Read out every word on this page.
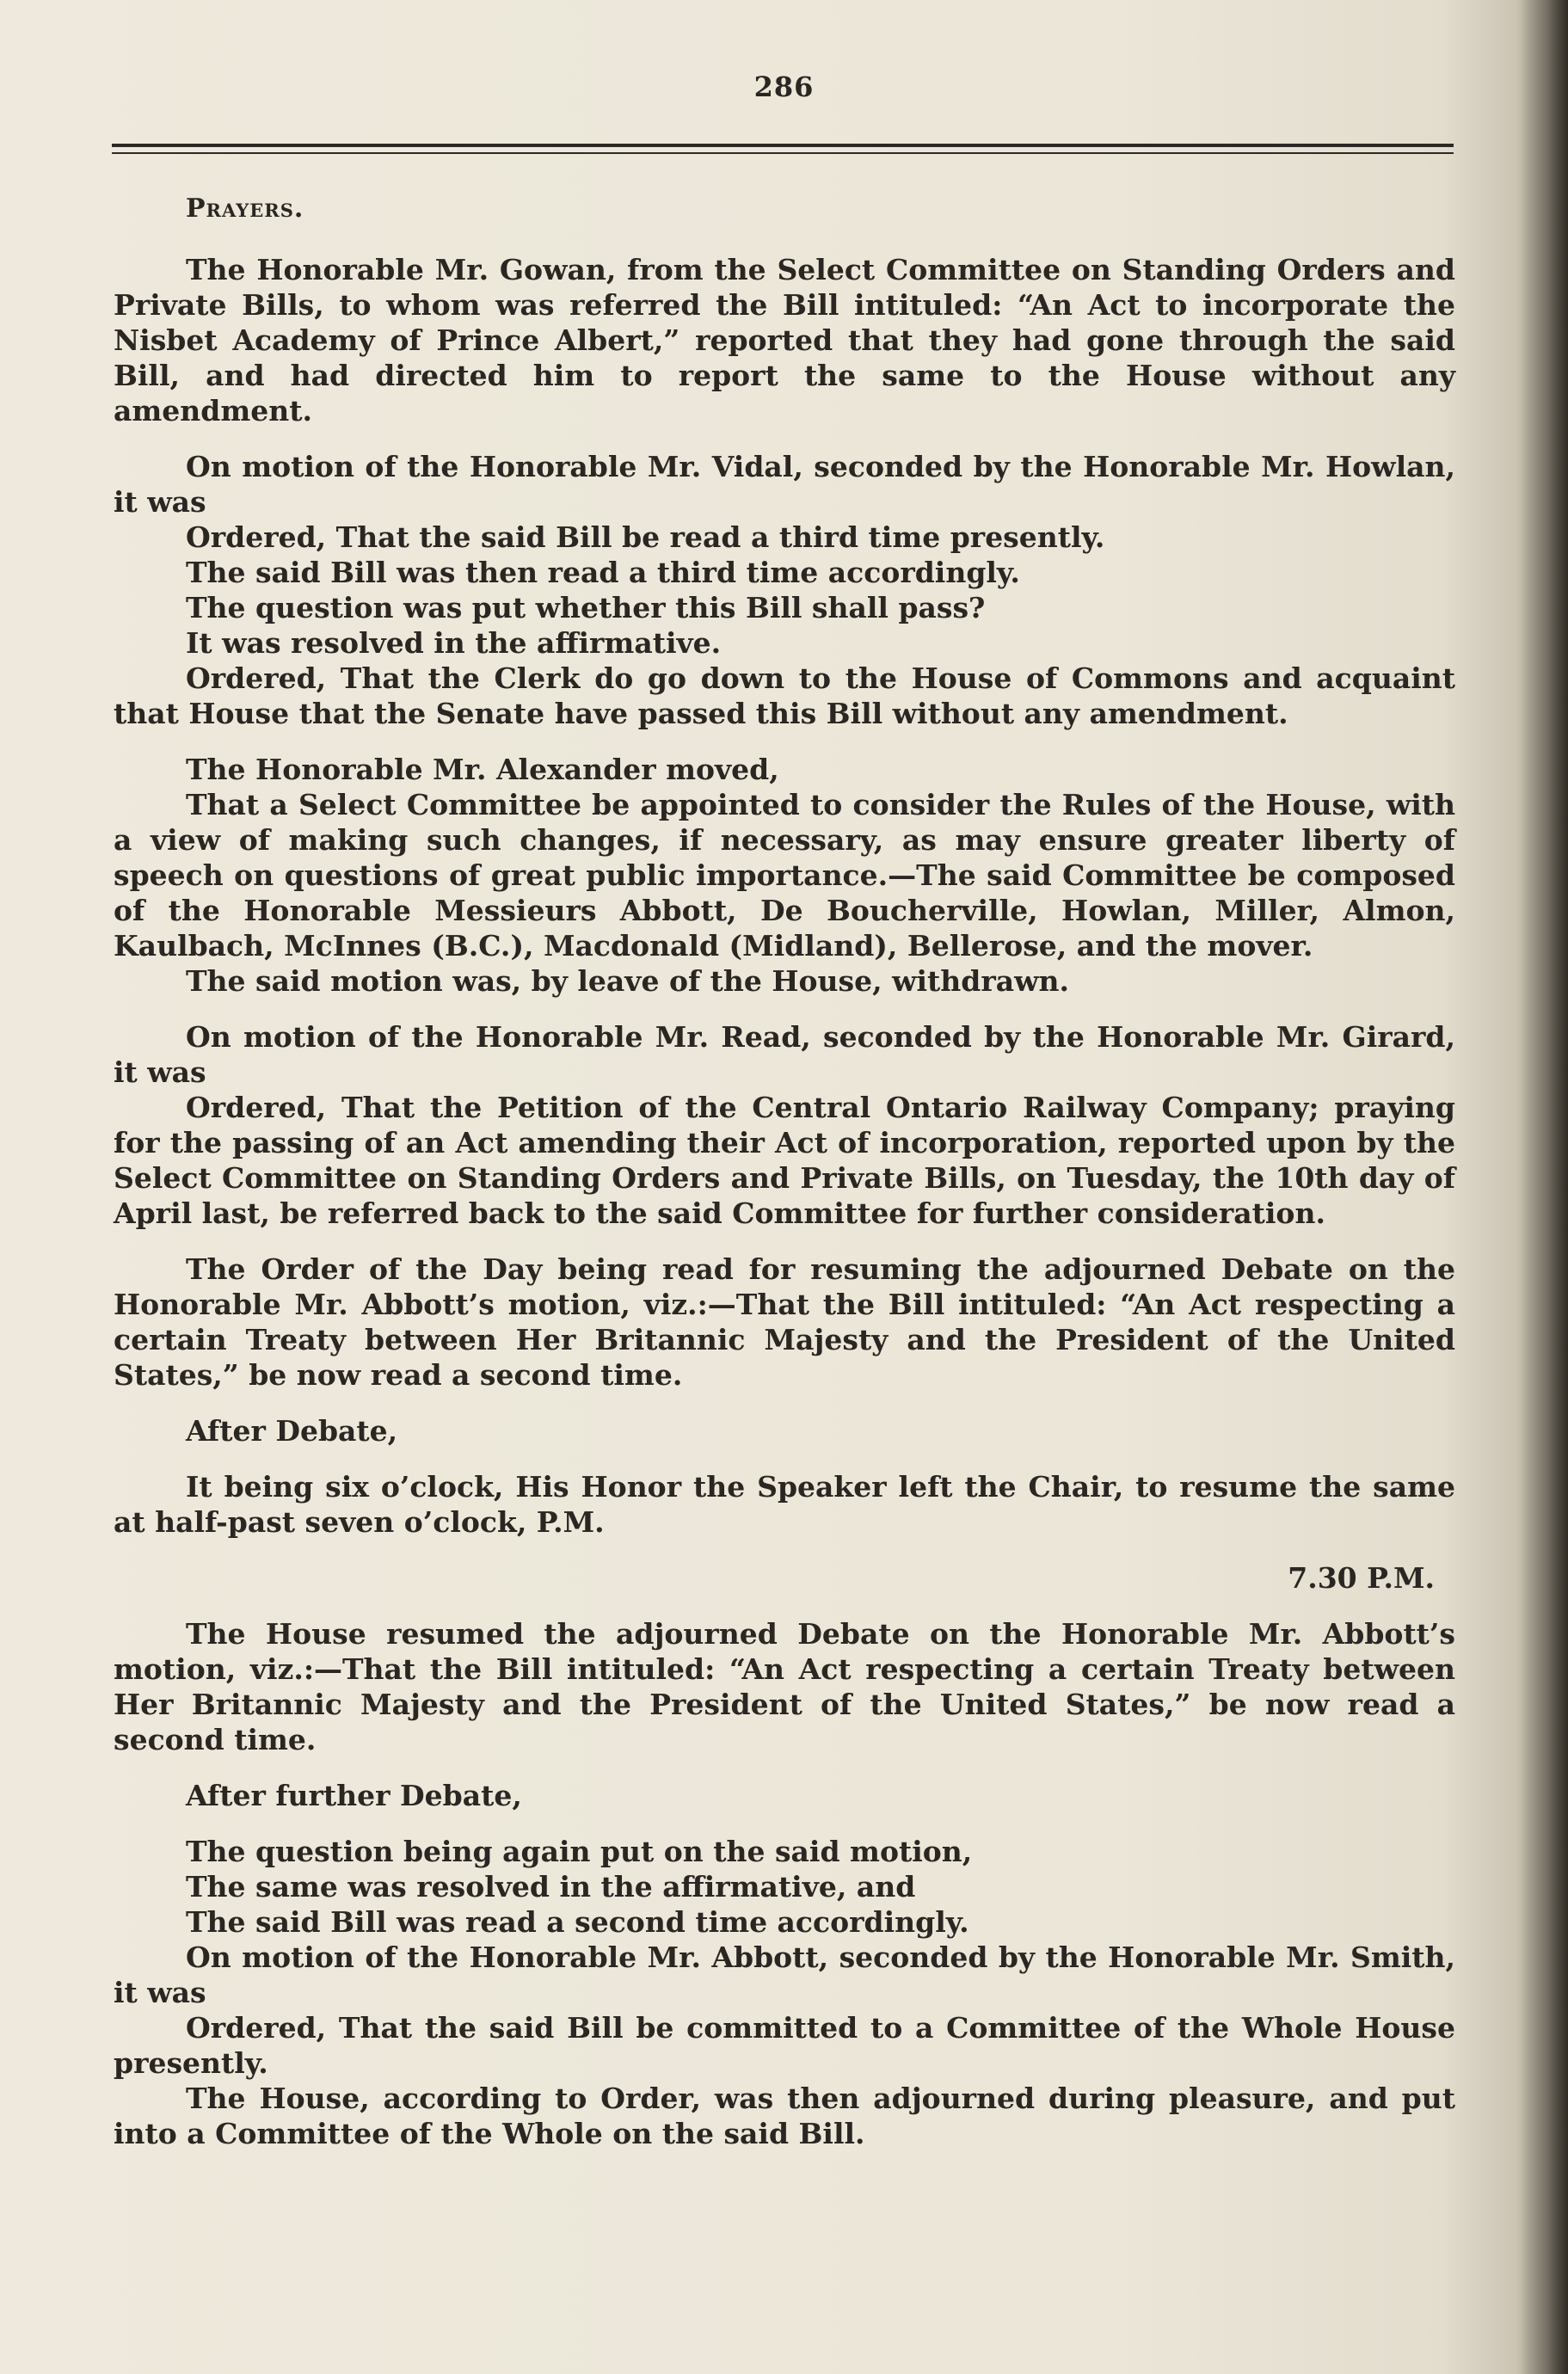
286
Prayers.

The Honorable Mr. Gowan, from the Select Committee on Standing Orders and Private Bills, to whom was referred the Bill intituled: “An Act to incorporate the Nisbet Academy of Prince Albert,” reported that they had gone through the said Bill, and had directed him to report the same to the House without any amendment.

On motion of the Honorable Mr. Vidal, seconded by the Honorable Mr. Howlan, it was

Ordered, That the said Bill be read a third time presently.

The said Bill was then read a third time accordingly.

The question was put whether this Bill shall pass?

It was resolved in the affirmative.

Ordered, That the Clerk do go down to the House of Commons and acquaint that House that the Senate have passed this Bill without any amendment.

The Honorable Mr. Alexander moved,

That a Select Committee be appointed to consider the Rules of the House, with a view of making such changes, if necessary, as may ensure greater liberty of speech on questions of great public importance.—The said Committee be composed of the Honorable Messieurs Abbott, De Boucherville, Howlan, Miller, Almon, Kaulbach, McInnes (B.C.), Macdonald (Midland), Bellerose, and the mover.

The said motion was, by leave of the House, withdrawn.

On motion of the Honorable Mr. Read, seconded by the Honorable Mr. Girard, it was

Ordered, That the Petition of the Central Ontario Railway Company; praying for the passing of an Act amending their Act of incorporation, reported upon by the Select Committee on Standing Orders and Private Bills, on Tuesday, the 10th day of April last, be referred back to the said Committee for further consideration.

The Order of the Day being read for resuming the adjourned Debate on the Honorable Mr. Abbott’s motion, viz.:—That the Bill intituled: “An Act respecting a certain Treaty between Her Britannic Majesty and the President of the United States,” be now read a second time.

After Debate,

It being six o’clock, His Honor the Speaker left the Chair, to resume the same at half-past seven o’clock, P.M.

7.30 P.M.

The House resumed the adjourned Debate on the Honorable Mr. Abbott’s motion, viz.:—That the Bill intituled: “An Act respecting a certain Treaty between Her Britannic Majesty and the President of the United States,” be now read a second time.

After further Debate,

The question being again put on the said motion,

The same was resolved in the affirmative, and

The said Bill was read a second time accordingly.

On motion of the Honorable Mr. Abbott, seconded by the Honorable Mr. Smith, it was

Ordered, That the said Bill be committed to a Committee of the Whole House presently.

The House, according to Order, was then adjourned during pleasure, and put into a Committee of the Whole on the said Bill.
